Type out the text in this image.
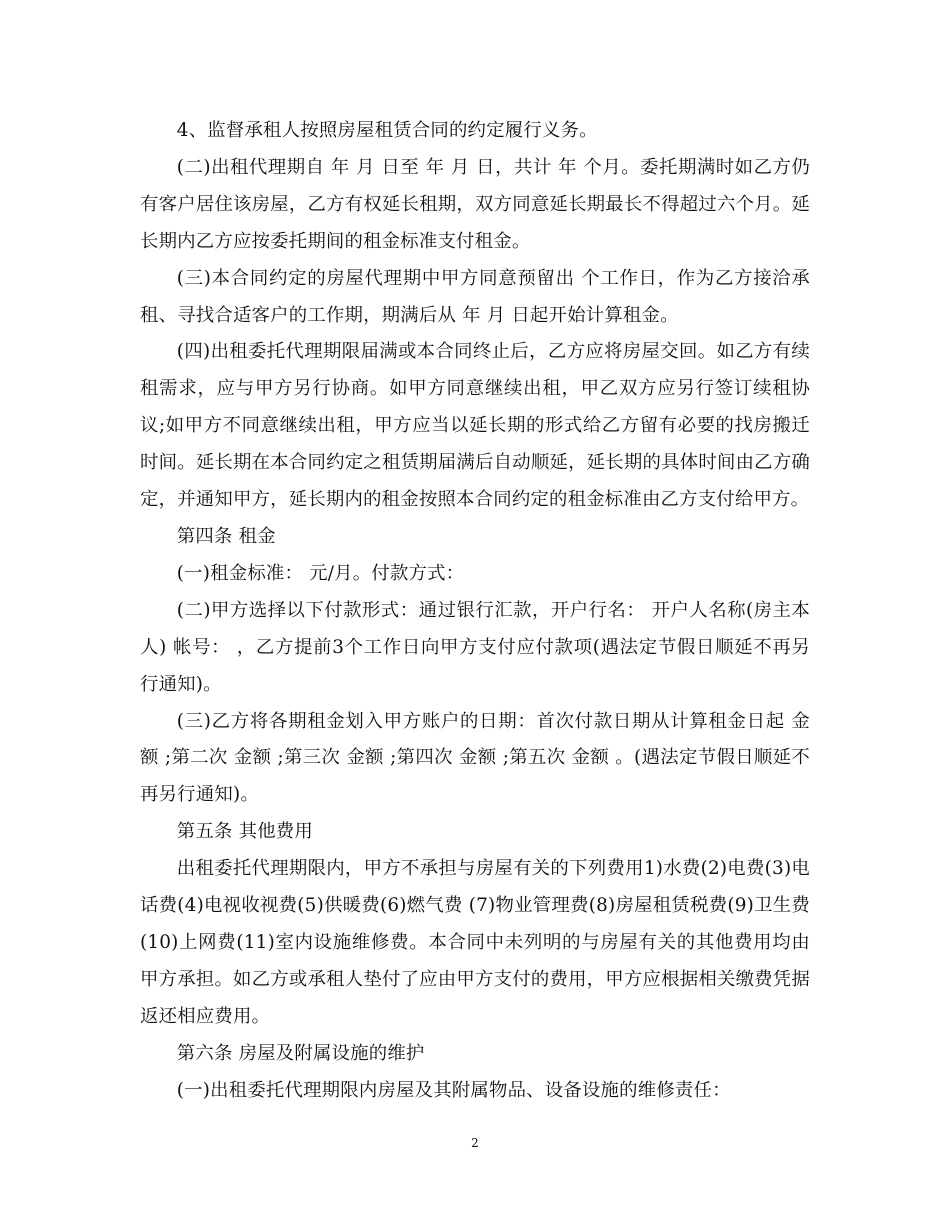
4、监督承租人按照房屋租赁合同的约定履行义务。

(二)出租代理期自 年 月 日至 年 月 日，共计 年 个月。委托期满时如乙方仍有客户居住该房屋，乙方有权延长租期，双方同意延长期最长不得超过六个月。延长期内乙方应按委托期间的租金标准支付租金。

(三)本合同约定的房屋代理期中甲方同意预留出 个工作日，作为乙方接洽承租、寻找合适客户的工作期，期满后从 年 月 日起开始计算租金。

(四)出租委托代理期限届满或本合同终止后，乙方应将房屋交回。如乙方有续租需求，应与甲方另行协商。如甲方同意继续出租，甲乙双方应另行签订续租协议;如甲方不同意继续出租，甲方应当以延长期的形式给乙方留有必要的找房搬迁时间。延长期在本合同约定之租赁期届满后自动顺延，延长期的具体时间由乙方确定，并通知甲方，延长期内的租金按照本合同约定的租金标准由乙方支付给甲方。

第四条 租金

(一)租金标准： 元/月。付款方式：

(二)甲方选择以下付款形式：通过银行汇款，开户行名： 开户人名称(房主本人) 帐号： ，乙方提前3个工作日向甲方支付应付款项(遇法定节假日顺延不再另行通知)。

(三)乙方将各期租金划入甲方账户的日期：首次付款日期从计算租金日起 金额 ;第二次 金额 ;第三次 金额 ;第四次 金额 ;第五次 金额 。(遇法定节假日顺延不再另行通知)。

第五条 其他费用

出租委托代理期限内，甲方不承担与房屋有关的下列费用1)水费(2)电费(3)电话费(4)电视收视费(5)供暖费(6)燃气费 (7)物业管理费(8)房屋租赁税费(9)卫生费(10)上网费(11)室内设施维修费。本合同中未列明的与房屋有关的其他费用均由甲方承担。如乙方或承租人垫付了应由甲方支付的费用，甲方应根据相关缴费凭据返还相应费用。

第六条 房屋及附属设施的维护

(一)出租委托代理期限内房屋及其附属物品、设备设施的维修责任：

2
